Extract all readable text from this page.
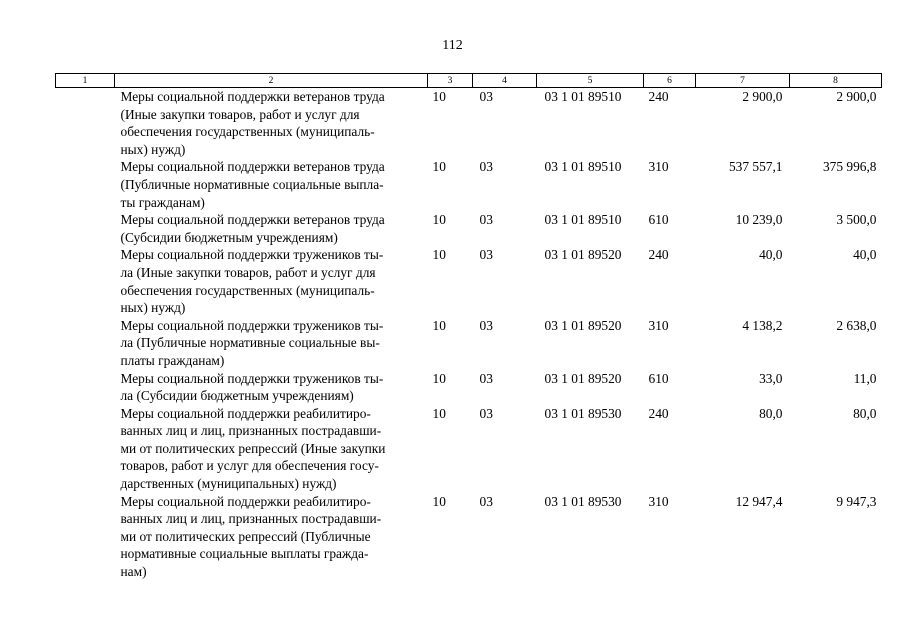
112
1	2	3	4	5	6	7	8

	Меры социальной поддержки ветеранов труда
(Иные закупки товаров, работ и услуг для
обеспечения государственных (муниципаль-
ных) нужд)	10	03	03 1 01 89510	240	2 900,0	2 900,0

	Меры социальной поддержки ветеранов труда
(Публичные нормативные социальные выпла-
ты гражданам)	10	03	03 1 01 89510	310	537 557,1	375 996,8

	Меры социальной поддержки ветеранов труда
(Субсидии бюджетным учреждениям)	10	03	03 1 01 89510	610	10 239,0	3 500,0

	Меры социальной поддержки тружеников ты-
ла (Иные закупки товаров, работ и услуг для
обеспечения государственных (муниципаль-
ных) нужд)	10	03	03 1 01 89520	240	40,0	40,0

	Меры социальной поддержки тружеников ты-
ла (Публичные нормативные социальные вы-
платы гражданам)	10	03	03 1 01 89520	310	4 138,2	2 638,0

	Меры социальной поддержки тружеников ты-
ла (Субсидии бюджетным учреждениям)	10	03	03 1 01 89520	610	33,0	11,0

	Меры социальной поддержки реабилитиро-
ванных лиц и лиц, признанных пострадавши-
ми от политических репрессий (Иные закупки
товаров, работ и услуг для обеспечения госу-
дарственных (муниципальных) нужд)	10	03	03 1 01 89530	240	80,0	80,0

	Меры социальной поддержки реабилитиро-
ванных лиц и лиц, признанных пострадавши-
ми от политических репрессий (Публичные
нормативные социальные выплаты гражда-
нам)	10	03	03 1 01 89530	310	12 947,4	9 947,3
